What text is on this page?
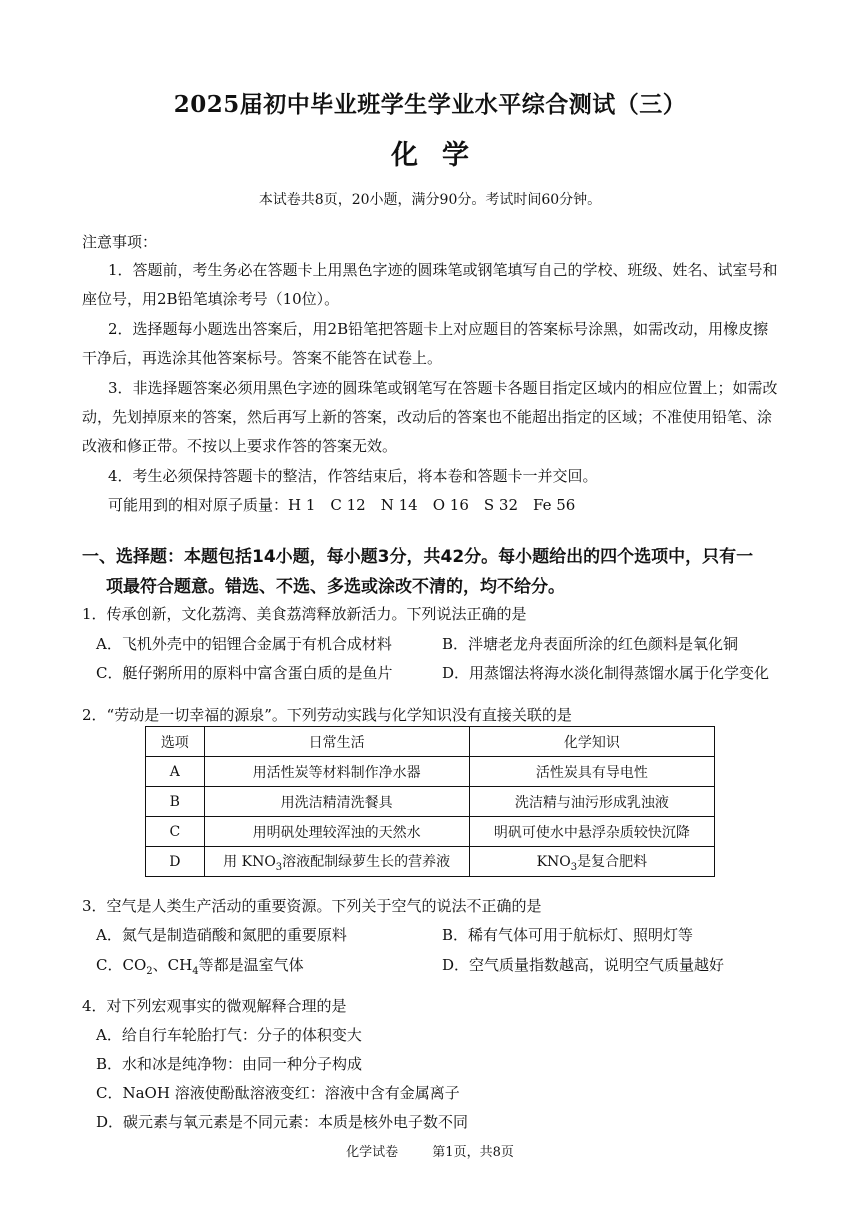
2025届初中毕业班学生学业水平综合测试（三）
化学
本试卷共8页，20小题，满分90分。考试时间60分钟。
注意事项：
1．答题前，考生务必在答题卡上用黑色字迹的圆珠笔或钢笔填写自己的学校、班级、姓名、试室号和
座位号，用2B铅笔填涂考号（10位）。
2．选择题每小题选出答案后，用2B铅笔把答题卡上对应题目的答案标号涂黑，如需改动，用橡皮擦
干净后，再选涂其他答案标号。答案不能答在试卷上。
3．非选择题答案必须用黑色字迹的圆珠笔或钢笔写在答题卡各题目指定区域内的相应位置上；如需改
动，先划掉原来的答案，然后再写上新的答案，改动后的答案也不能超出指定的区域；不准使用铅笔、涂
改液和修正带。不按以上要求作答的答案无效。
4．考生必须保持答题卡的整洁，作答结束后，将本卷和答题卡一并交回。
可能用到的相对原子质量：H 1　C 12　N 14　O 16　S 32　Fe 56
一、选择题：本题包括14小题，每小题3分，共42分。每小题给出的四个选项中，只有一
项最符合题意。错选、不选、多选或涂改不清的，均不给分。
1．传承创新，文化荔湾、美食荔湾释放新活力。下列说法正确的是
A．飞机外壳中的铝锂合金属于有机合成材料	B．泮塘老龙舟表面所涂的红色颜料是氧化铜
C．艇仔粥所用的原料中富含蛋白质的是鱼片	D．用蒸馏法将海水淡化制得蒸馏水属于化学变化
2．“劳动是一切幸福的源泉”。下列劳动实践与化学知识没有直接关联的是
选项	日常生活	化学知识
A	用活性炭等材料制作净水器	活性炭具有导电性
B	用洗洁精清洗餐具	洗洁精与油污形成乳浊液
C	用明矾处理较浑浊的天然水	明矾可使水中悬浮杂质较快沉降
D	用 $KNO_3$溶液配制绿萝生长的营养液	$KNO_3$是复合肥料
3．空气是人类生产活动的重要资源。下列关于空气的说法不正确的是
A．氮气是制造硝酸和氮肥的重要原料	B．稀有气体可用于航标灯、照明灯等
C．$CO_2$、$CH_4$等都是温室气体	D．空气质量指数越高，说明空气质量越好
4．对下列宏观事实的微观解释合理的是
A．给自行车轮胎打气：分子的体积变大
B．水和冰是纯净物：由同一种分子构成
C．NaOH 溶液使酚酞溶液变红：溶液中含有金属离子
D．碳元素与氧元素是不同元素：本质是核外电子数不同
化学试卷	第1页，共8页
